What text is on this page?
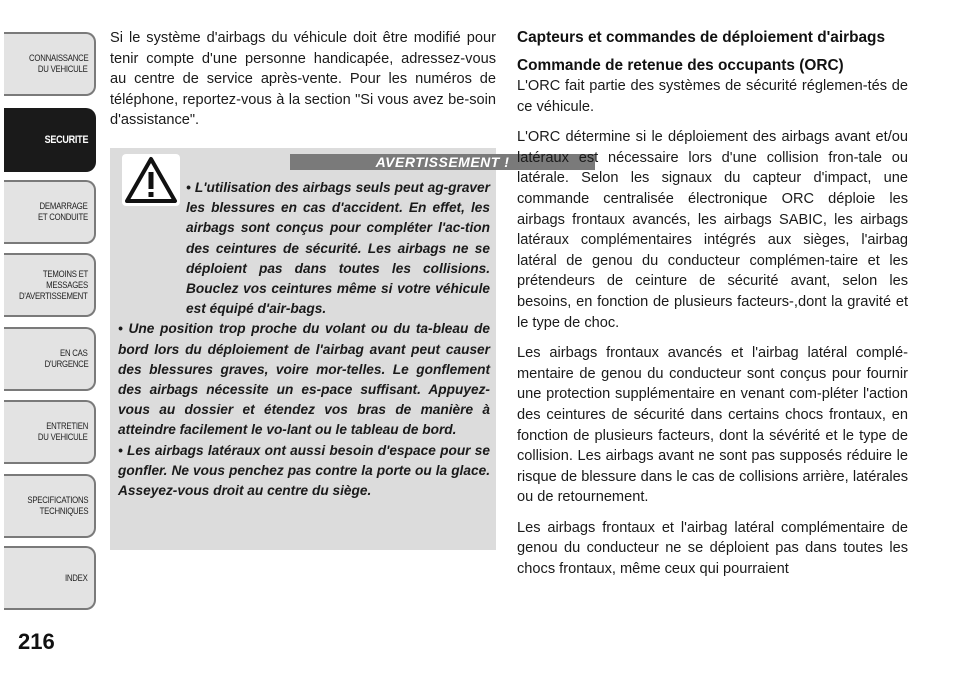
CONNAISSANCE
DU VEHICULE
SECURITE
DEMARRAGE
ET CONDUITE
TEMOINS ET
MESSAGES
D'AVERTISSEMENT
EN CAS
D'URGENCE
ENTRETIEN
DU VEHICULE
SPECIFICATIONS
TECHNIQUES
INDEX
216

Si le système d'airbags du véhicule doit être modifié pour tenir compte d'une personne handicapée, adressez-vous au centre de service après-vente. Pour les numéros de téléphone, reportez-vous à la section "Si vous avez be-soin d'assistance".

AVERTISSEMENT !
• L'utilisation des airbags seuls peut ag-graver les blessures en cas d'accident. En effet, les airbags sont conçus pour compléter l'ac-tion des ceintures de sécurité. Les airbags ne se déploient pas dans toutes les collisions. Bouclez vos ceintures même si votre véhicule est équipé d'air-bags.
• Une position trop proche du volant ou du ta-bleau de bord lors du déploiement de l'airbag avant peut causer des blessures graves, voire mor-telles. Le gonflement des airbags nécessite un es-pace suffisant. Appuyez-vous au dossier et étendez vos bras de manière à atteindre facilement le vo-lant ou le tableau de bord.
• Les airbags latéraux ont aussi besoin d'espace pour se gonfler. Ne vous penchez pas contre la porte ou la glace. Asseyez-vous droit au centre du siège.
Capteurs et commandes de déploiement d'airbags
Commande de retenue des occupants (ORC)

L'ORC fait partie des systèmes de sécurité réglemen-tés de ce véhicule.

L'ORC détermine si le déploiement des airbags avant et/ou latéraux est nécessaire lors d'une collision fron-tale ou latérale. Selon les signaux du capteur d'impact, une commande centralisée électronique ORC déploie les airbags frontaux avancés, les airbags SABIC, les airbags latéraux complémentaires intégrés aux sièges, l'airbag latéral de genou du conducteur complémen-taire et les prétendeurs de ceinture de sécurité avant, selon les besoins, en fonction de plusieurs facteurs-,dont la gravité et le type de choc.

Les airbags frontaux avancés et l'airbag latéral complé-mentaire de genou du conducteur sont conçus pour fournir une protection supplémentaire en venant com-pléter l'action des ceintures de sécurité dans certains chocs frontaux, en fonction de plusieurs facteurs, dont la sévérité et le type de collision. Les airbags avant ne sont pas supposés réduire le risque de blessure dans le cas de collisions arrière, latérales ou de retournement.

Les airbags frontaux et l'airbag latéral complémentaire de genou du conducteur ne se déploient pas dans toutes les chocs frontaux, même ceux qui pourraient
